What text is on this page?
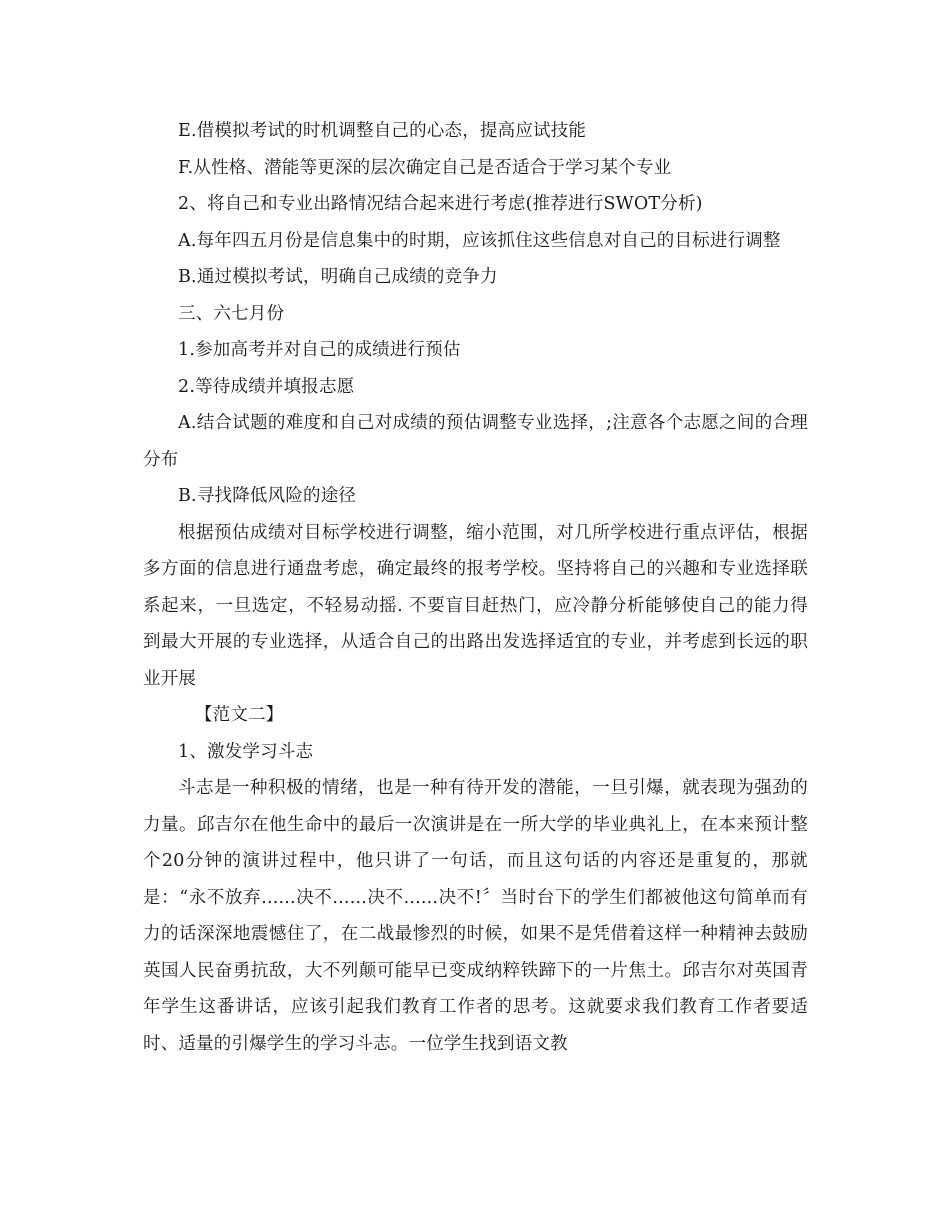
E.借模拟考试的时机调整自己的心态，提高应试技能

F.从性格、潜能等更深的层次确定自己是否适合于学习某个专业

2、将自己和专业出路情况结合起来进行考虑(推荐进行SWOT分析)

A.每年四五月份是信息集中的时期，应该抓住这些信息对自己的目标进行调整

B.通过模拟考试，明确自己成绩的竞争力

三、六七月份

1.参加高考并对自己的成绩进行预估

2.等待成绩并填报志愿

A.结合试题的难度和自己对成绩的预估调整专业选择，;注意各个志愿之间的合理分布

B.寻找降低风险的途径

根据预估成绩对目标学校进行调整，缩小范围，对几所学校进行重点评估，根据多方面的信息进行通盘考虑，确定最终的报考学校。坚持将自己的兴趣和专业选择联系起来，一旦选定，不轻易动摇. 不要盲目赶热门，应冷静分析能够使自己的能力得到最大开展的专业选择，从适合自己的出路出发选择适宜的专业，并考虑到长远的职业开展

【范文二】

1、激发学习斗志

斗志是一种积极的情绪，也是一种有待开发的潜能，一旦引爆，就表现为强劲的力量。邱吉尔在他生命中的最后一次演讲是在一所大学的毕业典礼上，在本来预计整个20分钟的演讲过程中，他只讲了一句话，而且这句话的内容还是重复的，那就是：“永不放弃......决不......决不......决不!〞当时台下的学生们都被他这句简单而有力的话深深地震憾住了，在二战最惨烈的时候，如果不是凭借着这样一种精神去鼓励英国人民奋勇抗敌，大不列颠可能早已变成纳粹铁蹄下的一片焦土。邱吉尔对英国青年学生这番讲话，应该引起我们教育工作者的思考。这就要求我们教育工作者要适时、适量的引爆学生的学习斗志。一位学生找到语文教
